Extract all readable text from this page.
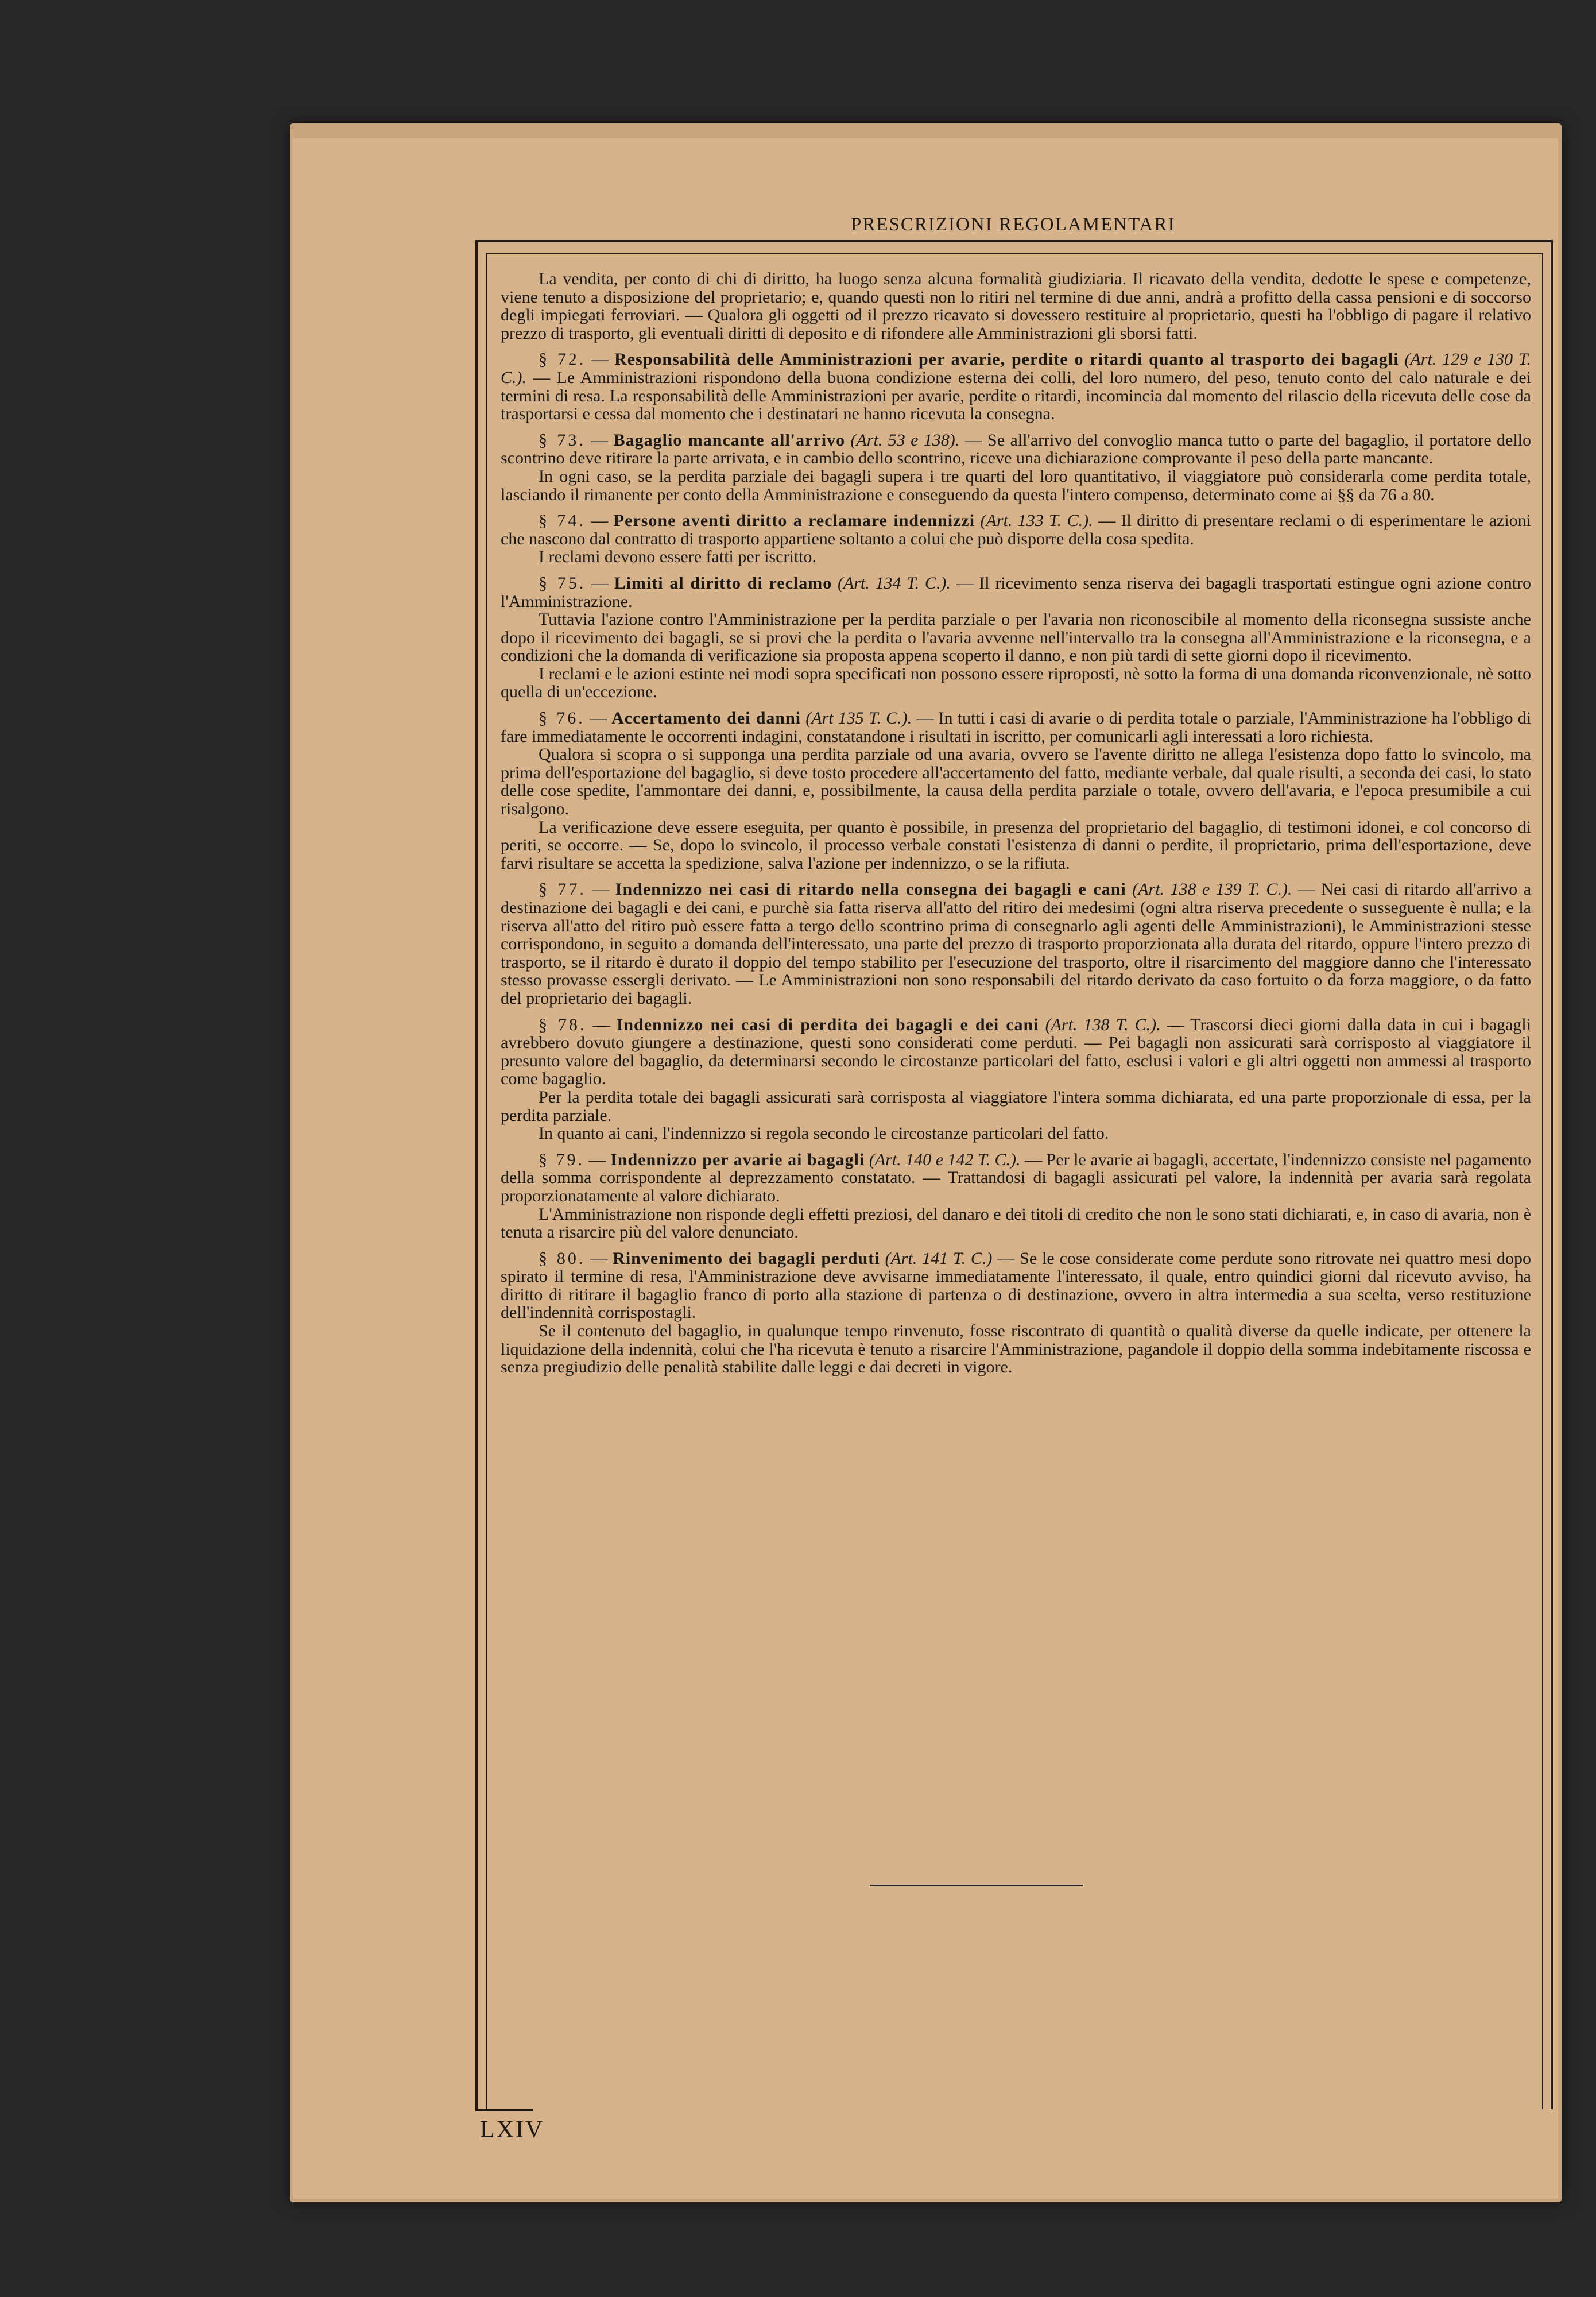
PRESCRIZIONI REGOLAMENTARI

La vendita, per conto di chi di diritto, ha luogo senza alcuna formalità giudiziaria. Il ricavato della vendita, dedotte le spese e competenze, viene tenuto a disposizione del proprietario; e, quando questi non lo ritiri nel termine di due anni, andrà a profitto della cassa pensioni e di soccorso degli impiegati ferroviari. — Qualora gli oggetti od il prezzo ricavato si dovessero restituire al proprietario, questi ha l'obbligo di pagare il relativo prezzo di trasporto, gli eventuali diritti di deposito e di rifondere alle Amministrazioni gli sborsi fatti.

§ 72. — Responsabilità delle Amministrazioni per avarie, perdite o ritardi quanto al trasporto dei bagagli (Art. 129 e 130 T. C.). — Le Amministrazioni rispondono della buona condizione esterna dei colli, del loro numero, del peso, tenuto conto del calo naturale e dei termini di resa. La responsabilità delle Amministrazioni per avarie, perdite o ritardi, incomincia dal momento del rilascio della ricevuta delle cose da trasportarsi e cessa dal momento che i destinatari ne hanno ricevuta la consegna.

§ 73. — Bagaglio mancante all'arrivo (Art. 53 e 138). — Se all'arrivo del convoglio manca tutto o parte del bagaglio, il portatore dello scontrino deve ritirare la parte arrivata, e in cambio dello scontrino, riceve una dichiarazione comprovante il peso della parte mancante.

In ogni caso, se la perdita parziale dei bagagli supera i tre quarti del loro quantitativo, il viaggiatore può considerarla come perdita totale, lasciando il rimanente per conto della Amministrazione e conseguendo da questa l'intero compenso, determinato come ai §§ da 76 a 80.

§ 74. — Persone aventi diritto a reclamare indennizzi (Art. 133 T. C.). — Il diritto di presentare reclami o di esperimentare le azioni che nascono dal contratto di trasporto appartiene soltanto a colui che può disporre della cosa spedita.

I reclami devono essere fatti per iscritto.

§ 75. — Limiti al diritto di reclamo (Art. 134 T. C.). — Il ricevimento senza riserva dei bagagli trasportati estingue ogni azione contro l'Amministrazione.

Tuttavia l'azione contro l'Amministrazione per la perdita parziale o per l'avaria non riconoscibile al momento della riconsegna sussiste anche dopo il ricevimento dei bagagli, se si provi che la perdita o l'avaria avvenne nell'intervallo tra la consegna all'Amministrazione e la riconsegna, e a condizioni che la domanda di verificazione sia proposta appena scoperto il danno, e non più tardi di sette giorni dopo il ricevimento.

I reclami e le azioni estinte nei modi sopra specificati non possono essere riproposti, nè sotto la forma di una domanda riconvenzionale, nè sotto quella di un'eccezione.

§ 76. — Accertamento dei danni (Art 135 T. C.). — In tutti i casi di avarie o di perdita totale o parziale, l'Amministrazione ha l'obbligo di fare immediatamente le occorrenti indagini, constatandone i risultati in iscritto, per comunicarli agli interessati a loro richiesta.

Qualora si scopra o si supponga una perdita parziale od una avaria, ovvero se l'avente diritto ne allega l'esistenza dopo fatto lo svincolo, ma prima dell'esportazione del bagaglio, si deve tosto procedere all'accertamento del fatto, mediante verbale, dal quale risulti, a seconda dei casi, lo stato delle cose spedite, l'ammontare dei danni, e, possibilmente, la causa della perdita parziale o totale, ovvero dell'avaria, e l'epoca presumibile a cui risalgono.

La verificazione deve essere eseguita, per quanto è possibile, in presenza del proprietario del bagaglio, di testimoni idonei, e col concorso di periti, se occorre. — Se, dopo lo svincolo, il processo verbale constati l'esistenza di danni o perdite, il proprietario, prima dell'esportazione, deve farvi risultare se accetta la spedizione, salva l'azione per indennizzo, o se la rifiuta.

§ 77. — Indennizzo nei casi di ritardo nella consegna dei bagagli e cani (Art. 138 e 139 T. C.). — Nei casi di ritardo all'arrivo a destinazione dei bagagli e dei cani, e purchè sia fatta riserva all'atto del ritiro dei medesimi (ogni altra riserva precedente o susseguente è nulla; e la riserva all'atto del ritiro può essere fatta a tergo dello scontrino prima di consegnarlo agli agenti delle Amministrazioni), le Amministrazioni stesse corrispondono, in seguito a domanda dell'interessato, una parte del prezzo di trasporto proporzionata alla durata del ritardo, oppure l'intero prezzo di trasporto, se il ritardo è durato il doppio del tempo stabilito per l'esecuzione del trasporto, oltre il risarcimento del maggiore danno che l'interessato stesso provasse essergli derivato. — Le Amministrazioni non sono responsabili del ritardo derivato da caso fortuito o da forza maggiore, o da fatto del proprietario dei bagagli.

§ 78. — Indennizzo nei casi di perdita dei bagagli e dei cani (Art. 138 T. C.). — Trascorsi dieci giorni dalla data in cui i bagagli avrebbero dovuto giungere a destinazione, questi sono considerati come perduti. — Pei bagagli non assicurati sarà corrisposto al viaggiatore il presunto valore del bagaglio, da determinarsi secondo le circostanze particolari del fatto, esclusi i valori e gli altri oggetti non ammessi al trasporto come bagaglio.

Per la perdita totale dei bagagli assicurati sarà corrisposta al viaggiatore l'intera somma dichiarata, ed una parte proporzionale di essa, per la perdita parziale.

In quanto ai cani, l'indennizzo si regola secondo le circostanze particolari del fatto.

§ 79. — Indennizzo per avarie ai bagagli (Art. 140 e 142 T. C.). — Per le avarie ai bagagli, accertate, l'indennizzo consiste nel pagamento della somma corrispondente al deprezzamento constatato. — Trattandosi di bagagli assicurati pel valore, la indennità per avaria sarà regolata proporzionatamente al valore dichiarato.

L'Amministrazione non risponde degli effetti preziosi, del danaro e dei titoli di credito che non le sono stati dichiarati, e, in caso di avaria, non è tenuta a risarcire più del valore denunciato.

§ 80. — Rinvenimento dei bagagli perduti (Art. 141 T. C.) — Se le cose considerate come perdute sono ritrovate nei quattro mesi dopo spirato il termine di resa, l'Amministrazione deve avvisarne immediatamente l'interessato, il quale, entro quindici giorni dal ricevuto avviso, ha diritto di ritirare il bagaglio franco di porto alla stazione di partenza o di destinazione, ovvero in altra intermedia a sua scelta, verso restituzione dell'indennità corrispostagli.

Se il contenuto del bagaglio, in qualunque tempo rinvenuto, fosse riscontrato di quantità o qualità diverse da quelle indicate, per ottenere la liquidazione della indennità, colui che l'ha ricevuta è tenuto a risarcire l'Amministrazione, pagandole il doppio della somma indebitamente riscossa e senza pregiudizio delle penalità stabilite dalle leggi e dai decreti in vigore.

LXIV
